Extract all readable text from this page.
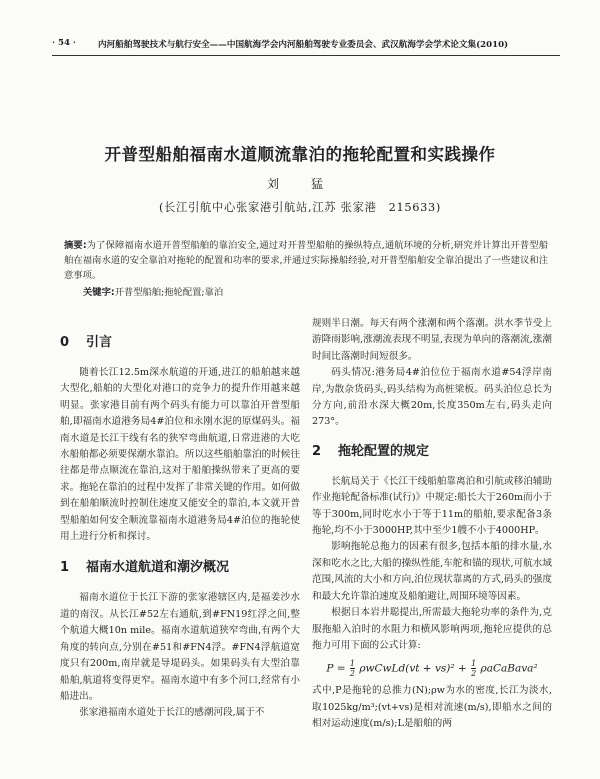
· 54 ·	内河船舶驾驶技术与航行安全——中国航海学会内河船舶驾驶专业委员会、武汉航海学会学术论文集(2010)
开普型船舶福南水道顺流靠泊的拖轮配置和实践操作
刘　猛
(长江引航中心张家港引航站,江苏 张家港　215633)
摘要:为了保障福南水道开普型船舶的靠泊安全,通过对开普型船舶的操纵特点,通航环境的分析,研究并计算出开普型船舶在福南水道的安全靠泊对拖轮的配置和功率的要求,并通过实际操船经验,对开普型船舶安全靠泊提出了一些建议和注意事项。
关键字:开普型船舶;拖轮配置;靠泊
0	引言

随着长江12.5m深水航道的开通,进江的船舶越来越大型化,船舶的大型化对港口的竞争力的提升作用越来越明显。张家港目前有两个码头有能力可以靠泊开普型船舶,即福南水道港务局4#泊位和永刚水泥的原煤码头。福南水道是长江干线有名的狭窄弯曲航道,日常进港的大吃水船舶都必须要保潮水靠泊。所以这些船舶靠泊的时候往往都是带点顺流在靠泊,这对于船舶操纵带来了更高的要求。拖轮在靠泊的过程中发挥了非常关键的作用。如何做到在船舶顺流时控制住速度又能安全的靠泊,本文就开普型船舶如何安全顺流靠福南水道港务局4#泊位的拖轮使用上进行分析和探讨。

1	福南水道航道和潮汐概况

福南水道位于长江下游的张家港辖区内,是福姜沙水道的南汊。从长江#52左右通航,到#FN19红浮之间,整个航道大概10n mile。福南水道航道狭窄弯曲,有两个大角度的转向点,分别在#51和#FN4浮。#FN4浮航道宽度只有200m,南岸就是导堤码头。如果码头有大型泊靠船舶,航道将变得更窄。福南水道中有多个河口,经常有小船进出。

张家港福南水道处于长江的感潮河段,属于不

规则半日潮。每天有两个涨潮和两个落潮。洪水季节受上游降雨影响,涨潮流表现不明显,表现为单向的落潮流,涨潮时间比落潮时间短很多。

码头情况:港务局4#泊位位于福南水道#54浮岸南岸,为散杂货码头,码头结构为高桩梁板。码头泊位总长为分方向,前沿水深大概20m,长度350m左右,码头走向273°。

2	拖轮配置的规定

长航局关于《长江干线船舶靠离泊和引航或移泊辅助作业拖轮配备标准(试行)》中规定:船长大于260m而小于等于300m,同时吃水小于等于11m的船舶,要求配备3条拖轮,均不小于3000HP,其中至少1艘不小于4000HP。

影响拖轮总拖力的因素有很多,包括本船的排水量,水深和吃水之比,大船的操纵性能,车舵和锚的现状,可航水域范围,风流的大小和方向,泊位现状靠离的方式,码头的强度和最大允许靠泊速度及船舶避让,周围环境等因素。

根据日本岩井聪提出,所需最大拖轮功率的条件为,克服拖船入泊时的水阻力和横风影响两项,拖轮应提供的总拖力可用下面的公式计算:

$P = \frac{1}{2}$ ρwCwLd(vt + $vs)^2 + \frac{1}{2}$ ρaCaBava²

式中,P是拖轮的总推力(N);ρw为水的密度,长江为淡水,取1025kg/m³;(vt+vs)是相对流速(m/s),即船水之间的相对运动速度(m/s);L是船舶的两
